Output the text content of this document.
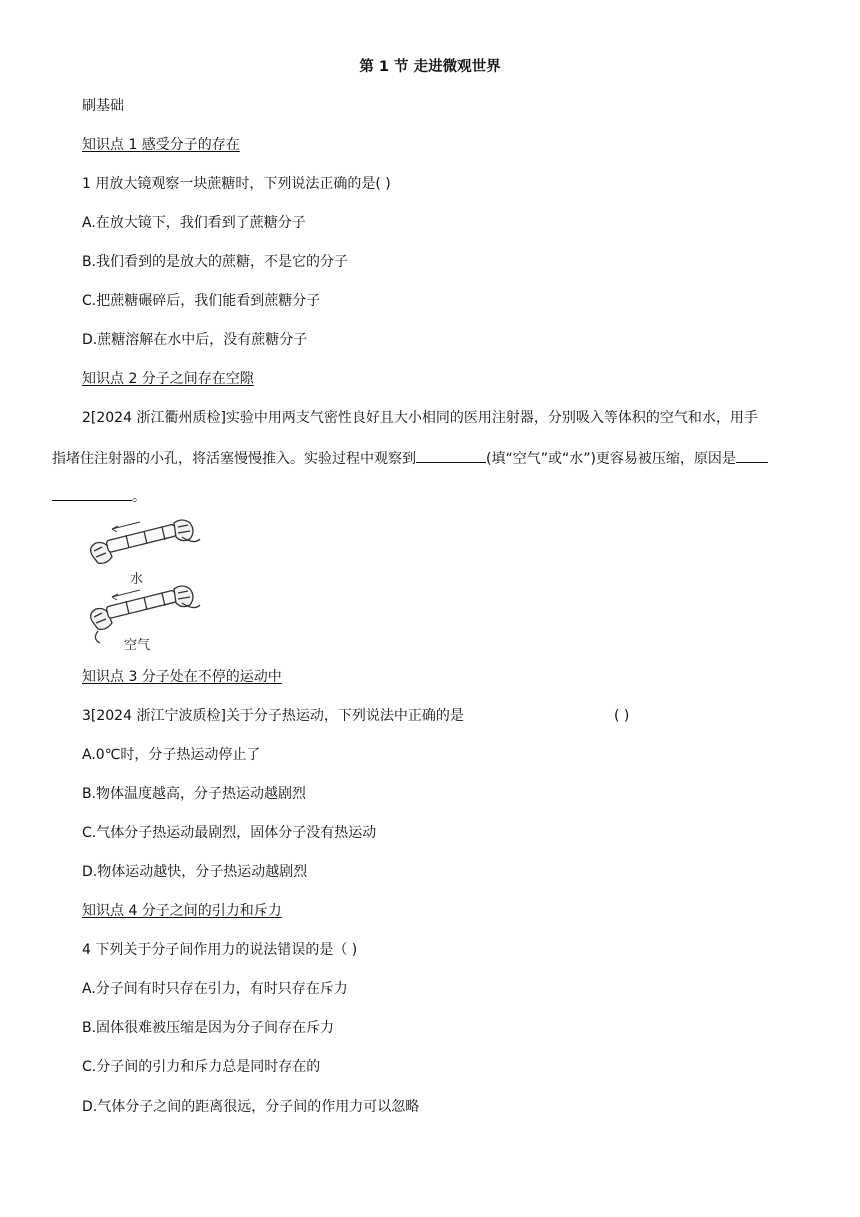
第 1 节 走进微观世界
刷基础
知识点 1 感受分子的存在
1 用放大镜观察一块蔗糖时，下列说法正确的是( )
A.在放大镜下，我们看到了蔗糖分子
B.我们看到的是放大的蔗糖，不是它的分子
C.把蔗糖碾碎后，我们能看到蔗糖分子
D.蔗糖溶解在水中后，没有蔗糖分子
知识点 2 分子之间存在空隙
2[2024 浙江衢州质检]实验中用两支气密性良好且大小相同的医用注射器，分别吸入等体积的空气和水，用手
指堵住注射器的小孔，将活塞慢慢推入。实验过程中观察到	(填“空气”或“水”)更容易被压缩，原因是
。
水
空气
知识点 3 分子处在不停的运动中
3[2024 浙江宁波质检]关于分子热运动，下列说法中正确的是	( )
A.0℃时，分子热运动停止了
B.物体温度越高，分子热运动越剧烈
C.气体分子热运动最剧烈，固体分子没有热运动
D.物体运动越快，分子热运动越剧烈
知识点 4 分子之间的引力和斥力
4 下列关于分子间作用力的说法错误的是（ )
A.分子间有时只存在引力，有时只存在斥力
B.固体很难被压缩是因为分子间存在斥力
C.分子间的引力和斥力总是同时存在的
D.气体分子之间的距离很远，分子间的作用力可以忽略
